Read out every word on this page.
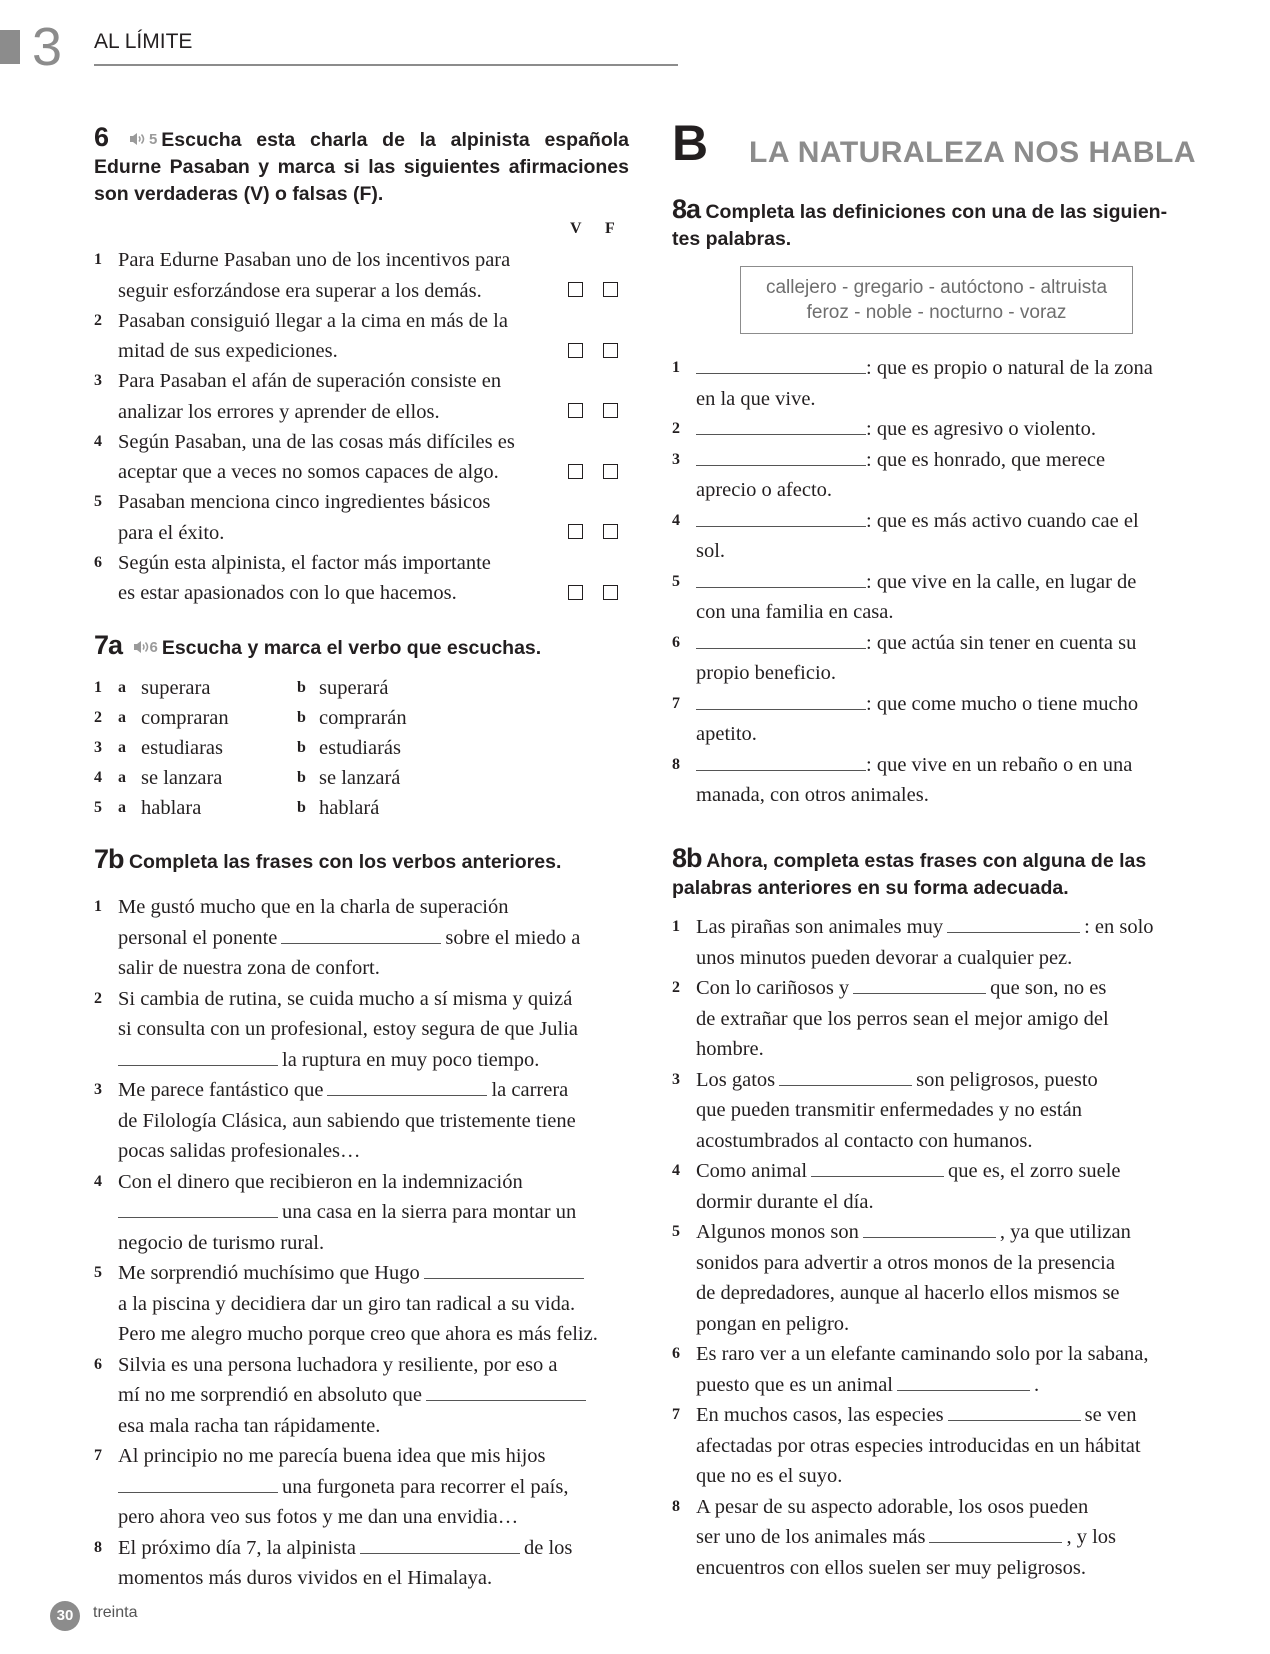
3 AL LÍMITE
6	5 Escucha esta charla de la alpinista española Edurne Pasaban y marca si las siguientes afirmaciones son verdaderas (V) o falsas (F).
V F
1 Para Edurne Pasaban uno de los incentivos para
seguir esforzándose era superar a los demás.
2 Pasaban consiguió llegar a la cima en más de la
mitad de sus expediciones.
3 Para Pasaban el afán de superación consiste en
analizar los errores y aprender de ellos.
4 Según Pasaban, una de las cosas más difíciles es
aceptar que a veces no somos capaces de algo.
5 Pasaban menciona cinco ingredientes básicos
para el éxito.
6 Según esta alpinista, el factor más importante
es estar apasionados con lo que hacemos.
7a 6 Escucha y marca el verbo que escuchas.
1 a superara	b superará
2 a compraran	b comprarán
3 a estudiaras	b estudiarás
4 a se lanzara	b se lanzará
5 a hablara	b hablará
7b Completa las frases con los verbos anteriores.
1 Me gustó mucho que en la charla de superación
personal el ponente	sobre el miedo a
salir de nuestra zona de confort.
2 Si cambia de rutina, se cuida mucho a sí misma y quizá
si consulta con un profesional, estoy segura de que Julia
la ruptura en muy poco tiempo.
3 Me parece fantástico que	la carrera
de Filología Clásica, aun sabiendo que tristemente tiene
pocas salidas profesionales…
4 Con el dinero que recibieron en la indemnización
una casa en la sierra para montar un
negocio de turismo rural.
5 Me sorprendió muchísimo que Hugo
a la piscina y decidiera dar un giro tan radical a su vida.
Pero me alegro mucho porque creo que ahora es más feliz.
6 Silvia es una persona luchadora y resiliente, por eso a
mí no me sorprendió en absoluto que
esa mala racha tan rápidamente.
7 Al principio no me parecía buena idea que mis hijos
una furgoneta para recorrer el país,
pero ahora veo sus fotos y me dan una envidia…
8 El próximo día 7, la alpinista	de los
momentos más duros vividos en el Himalaya.
B LA NATURALEZA NOS HABLA
8a Completa las definiciones con una de las siguien-
tes palabras.
callejero - gregario - autóctono - altruista
feroz - noble - nocturno - voraz
1	: que es propio o natural de la zona
en la que vive.
2	: que es agresivo o violento.
3	: que es honrado, que merece
aprecio o afecto.
4	: que es más activo cuando cae el
sol.
5	: que vive en la calle, en lugar de
con una familia en casa.
6	: que actúa sin tener en cuenta su
propio beneficio.
7	: que come mucho o tiene mucho
apetito.
8	: que vive en un rebaño o en una
manada, con otros animales.
8b Ahora, completa estas frases con alguna de las
palabras anteriores en su forma adecuada.
1 Las pirañas son animales muy	: en solo
unos minutos pueden devorar a cualquier pez.
2 Con lo cariñosos y	que son, no es
de extrañar que los perros sean el mejor amigo del
hombre.
3 Los gatos	son peligrosos, puesto
que pueden transmitir enfermedades y no están
acostumbrados al contacto con humanos.
4 Como animal	que es, el zorro suele
dormir durante el día.
5 Algunos monos son	, ya que utilizan
sonidos para advertir a otros monos de la presencia
de depredadores, aunque al hacerlo ellos mismos se
pongan en peligro.
6 Es raro ver a un elefante caminando solo por la sabana,
puesto que es un animal	.
7 En muchos casos, las especies	se ven
afectadas por otras especies introducidas en un hábitat
que no es el suyo.
8 A pesar de su aspecto adorable, los osos pueden
ser uno de los animales más	, y los
encuentros con ellos suelen ser muy peligrosos.
30	treinta
